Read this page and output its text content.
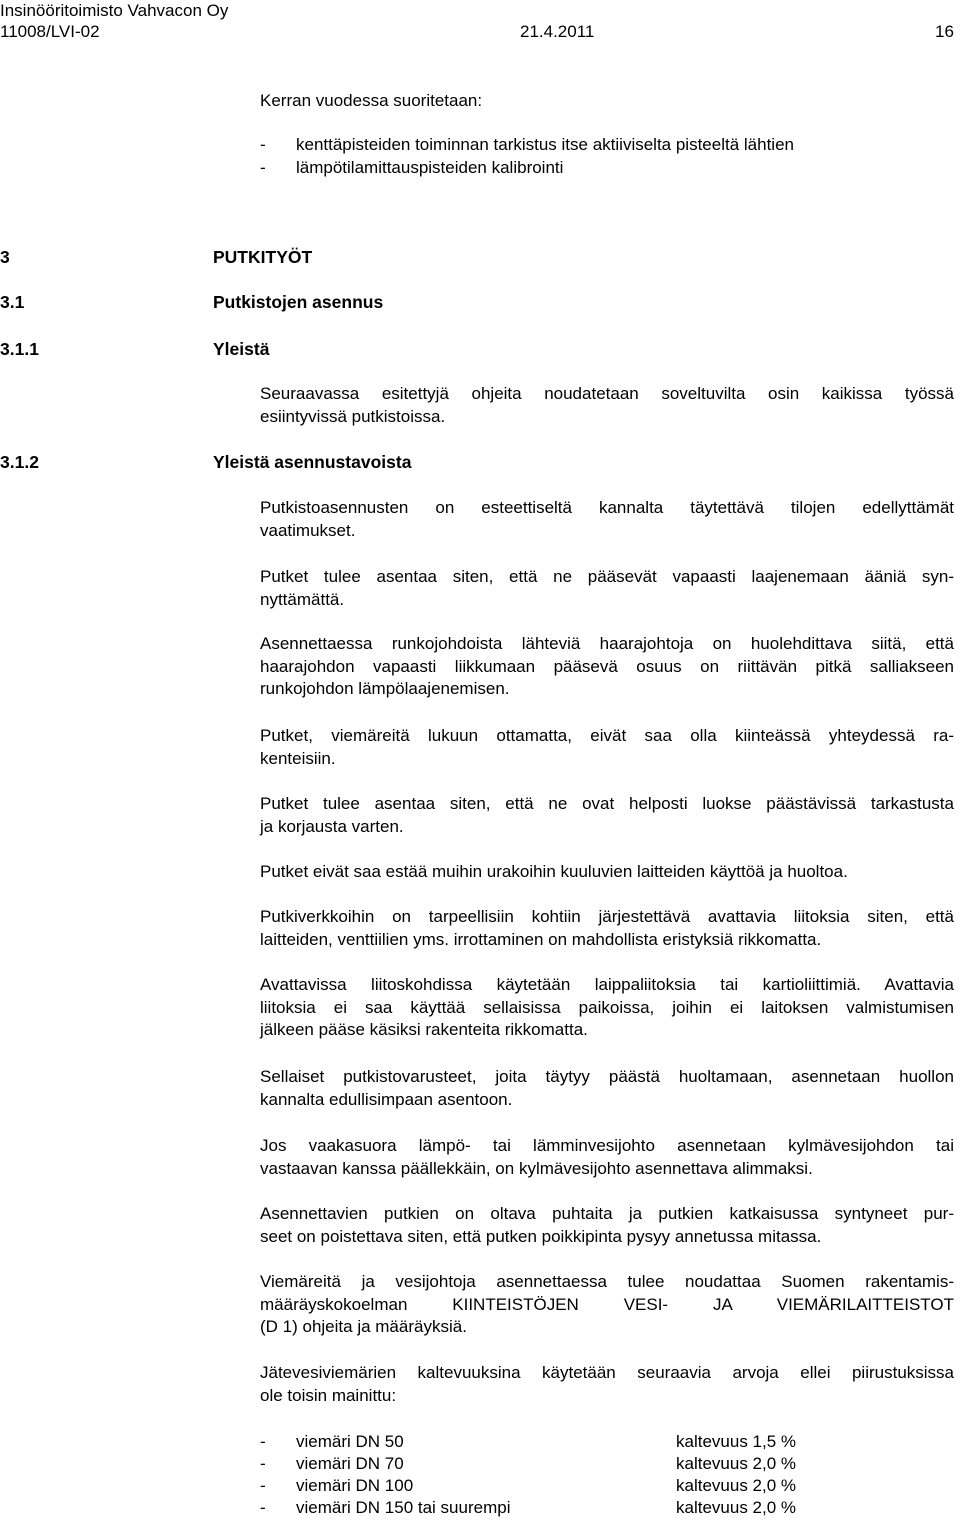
Insinööritoimisto Vahvacon Oy
11008/LVI-02	21.4.2011	16
Kerran vuodessa suoritetaan:
- kenttäpisteiden toiminnan tarkistus itse aktiiviselta pisteeltä lähtien
- lämpötilamittauspisteiden kalibrointi
3	PUTKITYÖT
3.1	Putkistojen asennus
3.1.1	Yleistä

Seuraavassa esitettyjä ohjeita noudatetaan soveltuvilta osin kaikissa työssä
esiintyvissä putkistoissa.

3.1.2	Yleistä asennustavoista

Putkistoasennusten on esteettiseltä kannalta täytettävä tilojen edellyttämät
vaatimukset.

Putket tulee asentaa siten, että ne pääsevät vapaasti laajenemaan ääniä syn-
nyttämättä.

Asennettaessa runkojohdoista lähteviä haarajohtoja on huolehdittava siitä, että
haarajohdon vapaasti liikkumaan pääsevä osuus on riittävän pitkä salliakseen
runkojohdon lämpölaajenemisen.

Putket, viemäreitä lukuun ottamatta, eivät saa olla kiinteässä yhteydessä ra-
kenteisiin.

Putket tulee asentaa siten, että ne ovat helposti luokse päästävissä tarkastusta
ja korjausta varten.

Putket eivät saa estää muihin urakoihin kuuluvien laitteiden käyttöä ja huoltoa.

Putkiverkkoihin on tarpeellisiin kohtiin järjestettävä avattavia liitoksia siten, että
laitteiden, venttiilien yms. irrottaminen on mahdollista eristyksiä rikkomatta.

Avattavissa liitoskohdissa käytetään laippaliitoksia tai kartioliittimiä. Avattavia
liitoksia ei saa käyttää sellaisissa paikoissa, joihin ei laitoksen valmistumisen
jälkeen pääse käsiksi rakenteita rikkomatta.

Sellaiset putkistovarusteet, joita täytyy päästä huoltamaan, asennetaan huollon
kannalta edullisimpaan asentoon.

Jos vaakasuora lämpö- tai lämminvesijohto asennetaan kylmävesijohdon tai
vastaavan kanssa päällekkäin, on kylmävesijohto asennettava alimmaksi.

Asennettavien putkien on oltava puhtaita ja putkien katkaisussa syntyneet pur-
seet on poistettava siten, että putken poikkipinta pysyy annetussa mitassa.

Viemäreitä ja vesijohtoja asennettaessa tulee noudattaa Suomen rakentamis-
määräyskokoelman KIINTEISTÖJEN VESI- JA VIEMÄRILAITTEISTOT
(D 1) ohjeita ja määräyksiä.

Jätevesiviemärien kaltevuuksina käytetään seuraavia arvoja ellei piirustuksissa
ole toisin mainittu:

- viemäri DN 50	kaltevuus 1,5 %
- viemäri DN 70	kaltevuus 2,0 %
- viemäri DN 100	kaltevuus 2,0 %
- viemäri DN 150 tai suurempi	kaltevuus 2,0 %
